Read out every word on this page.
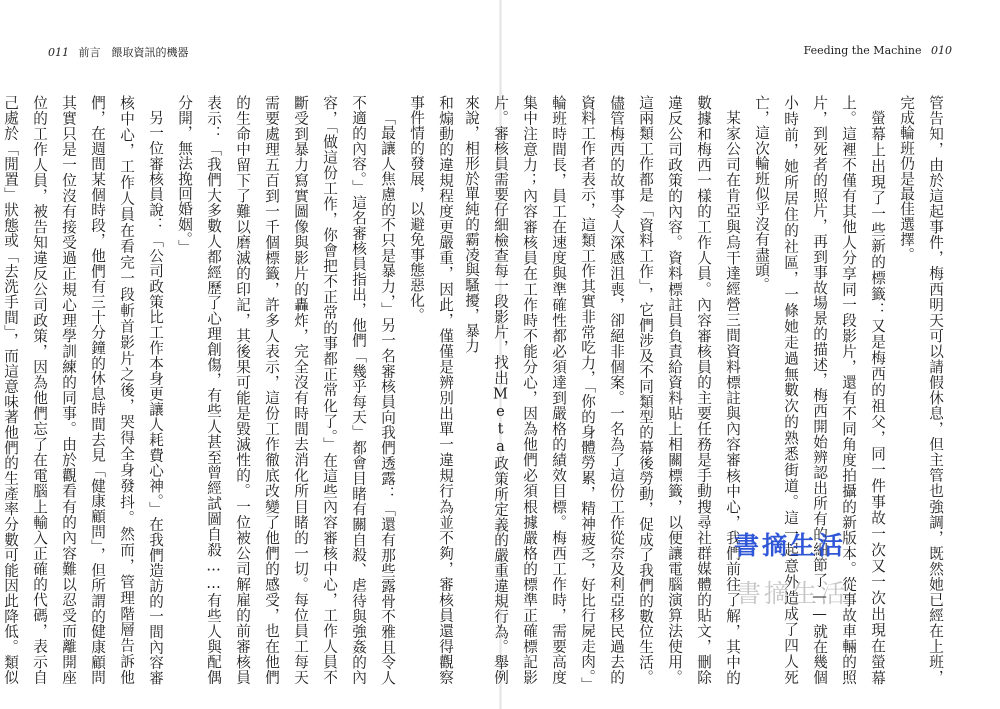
011 前言　餵取資訊的機器	Feeding the Machine 010

管告知，由於這起事件，梅西明天可以請假休息，但主管也強調，既然她已經在上班，完成輪班仍是最佳選擇。

螢幕上出現了一些新的標籤：又是梅西的祖父，同一件事故一次又一次出現在螢幕上。這裡不僅有其他人分享同一段影片，還有不同角度拍攝的新版本。從事故車輛的照片，到死者的照片，再到事故場景的描述，梅西開始辨認出所有的細節了——就在幾個小時前，她所居住的社區，一條她走過無數次的熟悉街道。這一起意外造成了四人死亡，這次輪班似乎沒有盡頭。

某家公司在肯亞與烏干達經營三間資料標註與內容審核中心，我們前往了解，其中的數據和梅西一樣的工作人員。內容審核員的主要任務是手動搜尋社群媒體的貼文，刪除違反公司政策的內容。資料標註員負責給資料貼上相關標籤，以便讓電腦演算法使用。這兩類工作都是「資料工作」，它們涉及不同類型的幕後勞動，促成了我們的數位生活。儘管梅西的故事令人深感沮喪，卻絕非個案。一名為了這份工作從奈及利亞移民過去的資料工作者表示，這類工作其實非常吃力，「你的身體勞累，精神疲乏，好比行屍走肉。」輪班時間長，員工在速度與準確性都必須達到嚴格的績效目標。梅西工作時，需要高度集中注意力；內容審核員在工作時不能分心，因為他們必須根據嚴格的標準正確標記影片。審核員需要仔細檢查每一段影片，找出Meta政策所定義的嚴重違規行為。舉例來說，相形於單純的霸凌與騷擾，暴力

和煽動的違規程度更嚴重，因此，僅僅是辨別出單一違規行為並不夠，審核員還得觀察事件情的發展，以避免事態惡化。

「最讓人焦慮的不只是暴力，」另一名審核員向我們透露：「還有那些露骨不雅且令人不適的內容。」這名審核員指出，他們「幾乎每天」都會目睹有關自殺、虐待與強姦的內容，「做這份工作，你會把不正常的事都正常化了。」在這些內容審核中心，工作人員不斷受到暴力寫實圖像與影片的轟炸，完全沒有時間去消化所目睹的一切。每位員工每天需要處理五百到一千個標籤，許多人表示，這份工作徹底改變了他們的感受，也在他們的生命中留下了難以磨滅的印記，其後果可能是毀滅性的。一位被公司解雇的前審核員表示：「我們大多數人都經歷了心理創傷，有些人甚至曾經試圖自殺……有些人與配偶分開，無法挽回婚姻。」

另一位審核員說：「公司政策比工作本身更讓人耗費心神。」在我們造訪的一間內容審核中心，工作人員在看完一段斬首影片之後，哭得全身發抖。然而，管理階層告訴他們，在週間某個時段，他們有三十分鐘的休息時間去見「健康顧問」，但所謂的健康顧問其實只是一位沒有接受過正規心理學訓練的同事。由於觀看有的內容難以忍受而離開座位的工作人員，被告知違反公司政策，因為他們忘了在電腦上輸入正確的代碼，表示自己處於「閒置」狀態或「去洗手間」，而這意味著他們的生產率分數可能因此降低。類似

書摘生活
書摘生活
